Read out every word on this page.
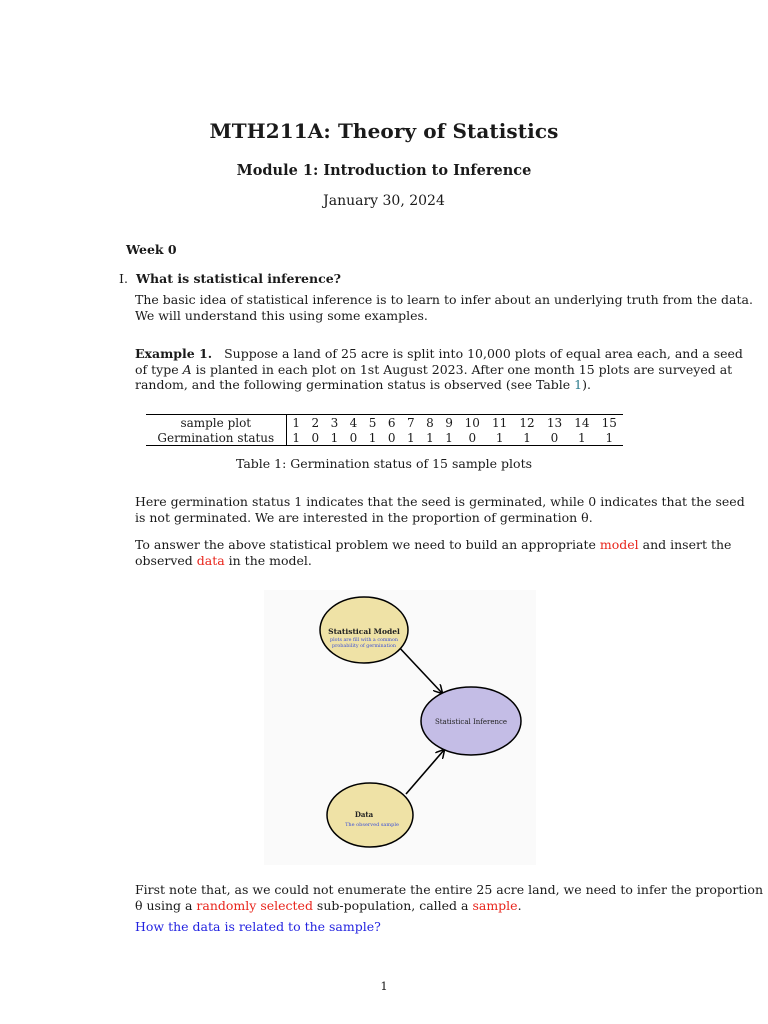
MTH211A: Theory of Statistics
Module 1: Introduction to Inference
January 30, 2024
Week 0
I. What is statistical inference?
The basic idea of statistical inference is to learn to infer about an underlying truth from the data.
We will understand this using some examples.
Example 1. Suppose a land of 25 acre is split into 10,000 plots of equal area each, and a seed
of type A is planted in each plot on 1st August 2023. After one month 15 plots are surveyed at
random, and the following germination status is observed (see Table 1).
sample plot	1	2	3	4	5	6	7	8	9	10	11	12	13	14	15
Germination status	1	0	1	0	1	0	1	1	1	0	1	1	0	1	1
Table 1: Germination status of 15 sample plots
Here germination status 1 indicates that the seed is germinated, while 0 indicates that the seed
is not germinated. We are interested in the proportion of germination θ.
To answer the above statistical problem we need to build an appropriate model and insert the
observed data in the model.
Statistical Model
plots are fill with a common
probability of germination
Statistical Inference
Data
The observed sample
First note that, as we could not enumerate the entire 25 acre land, we need to infer the proportion
θ using a randomly selected sub-population, called a sample.
How the data is related to the sample?
1
